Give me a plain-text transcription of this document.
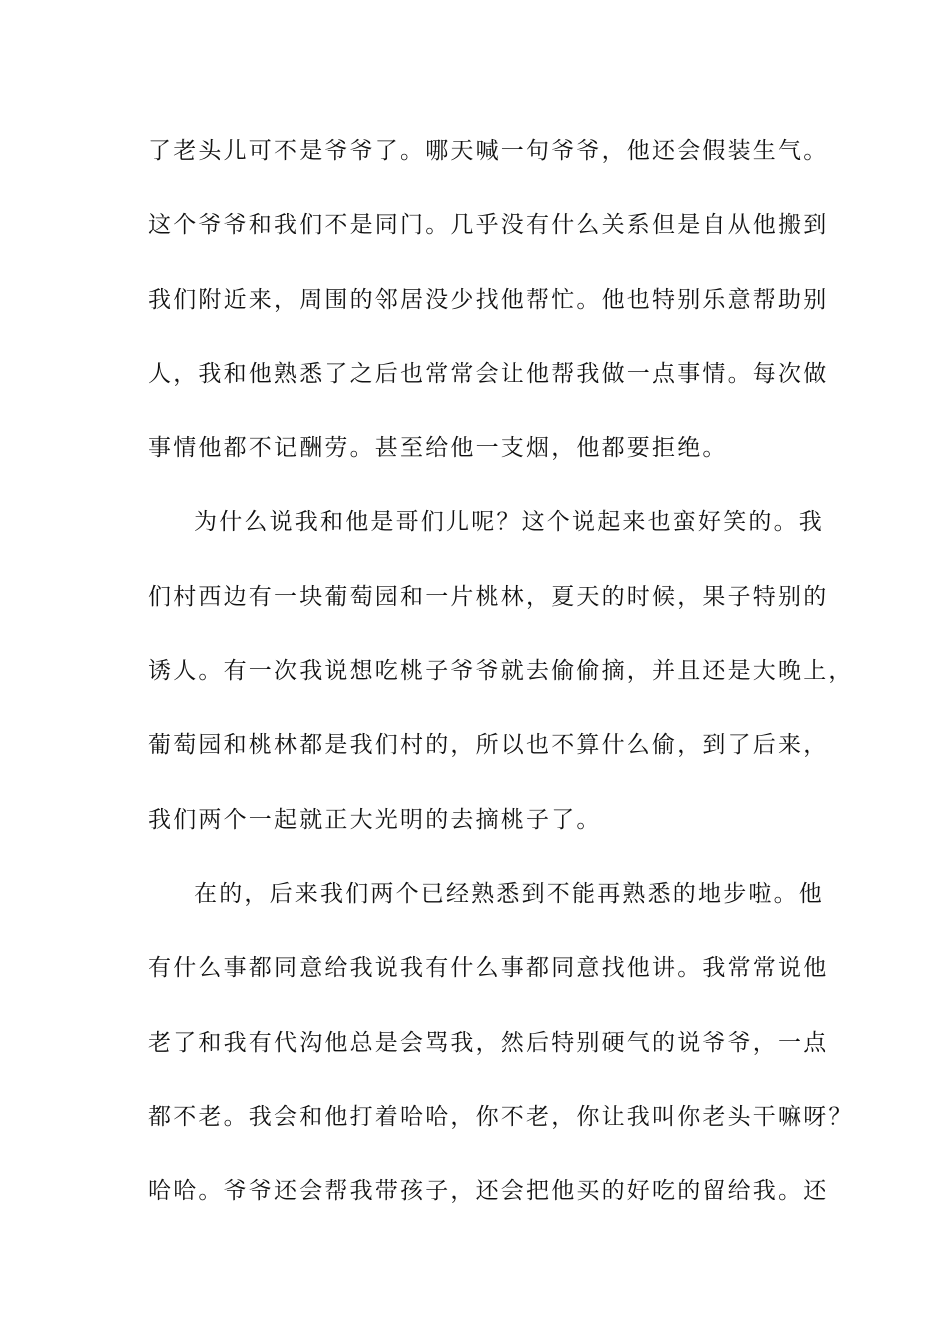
了老头儿可不是爷爷了。哪天喊一句爷爷，他还会假装生气。
这个爷爷和我们不是同门。几乎没有什么关系但是自从他搬到
我们附近来，周围的邻居没少找他帮忙。他也特别乐意帮助别
人，我和他熟悉了之后也常常会让他帮我做一点事情。每次做
事情他都不记酬劳。甚至给他一支烟，他都要拒绝。
为什么说我和他是哥们儿呢？这个说起来也蛮好笑的。我
们村西边有一块葡萄园和一片桃林，夏天的时候，果子特别的
诱人。有一次我说想吃桃子爷爷就去偷偷摘，并且还是大晚上，
葡萄园和桃林都是我们村的，所以也不算什么偷，到了后来，
我们两个一起就正大光明的去摘桃子了。
在的，后来我们两个已经熟悉到不能再熟悉的地步啦。他
有什么事都同意给我说我有什么事都同意找他讲。我常常说他
老了和我有代沟他总是会骂我，然后特别硬气的说爷爷，一点
都不老。我会和他打着哈哈，你不老，你让我叫你老头干嘛呀？
哈哈。爷爷还会帮我带孩子，还会把他买的好吃的留给我。还
